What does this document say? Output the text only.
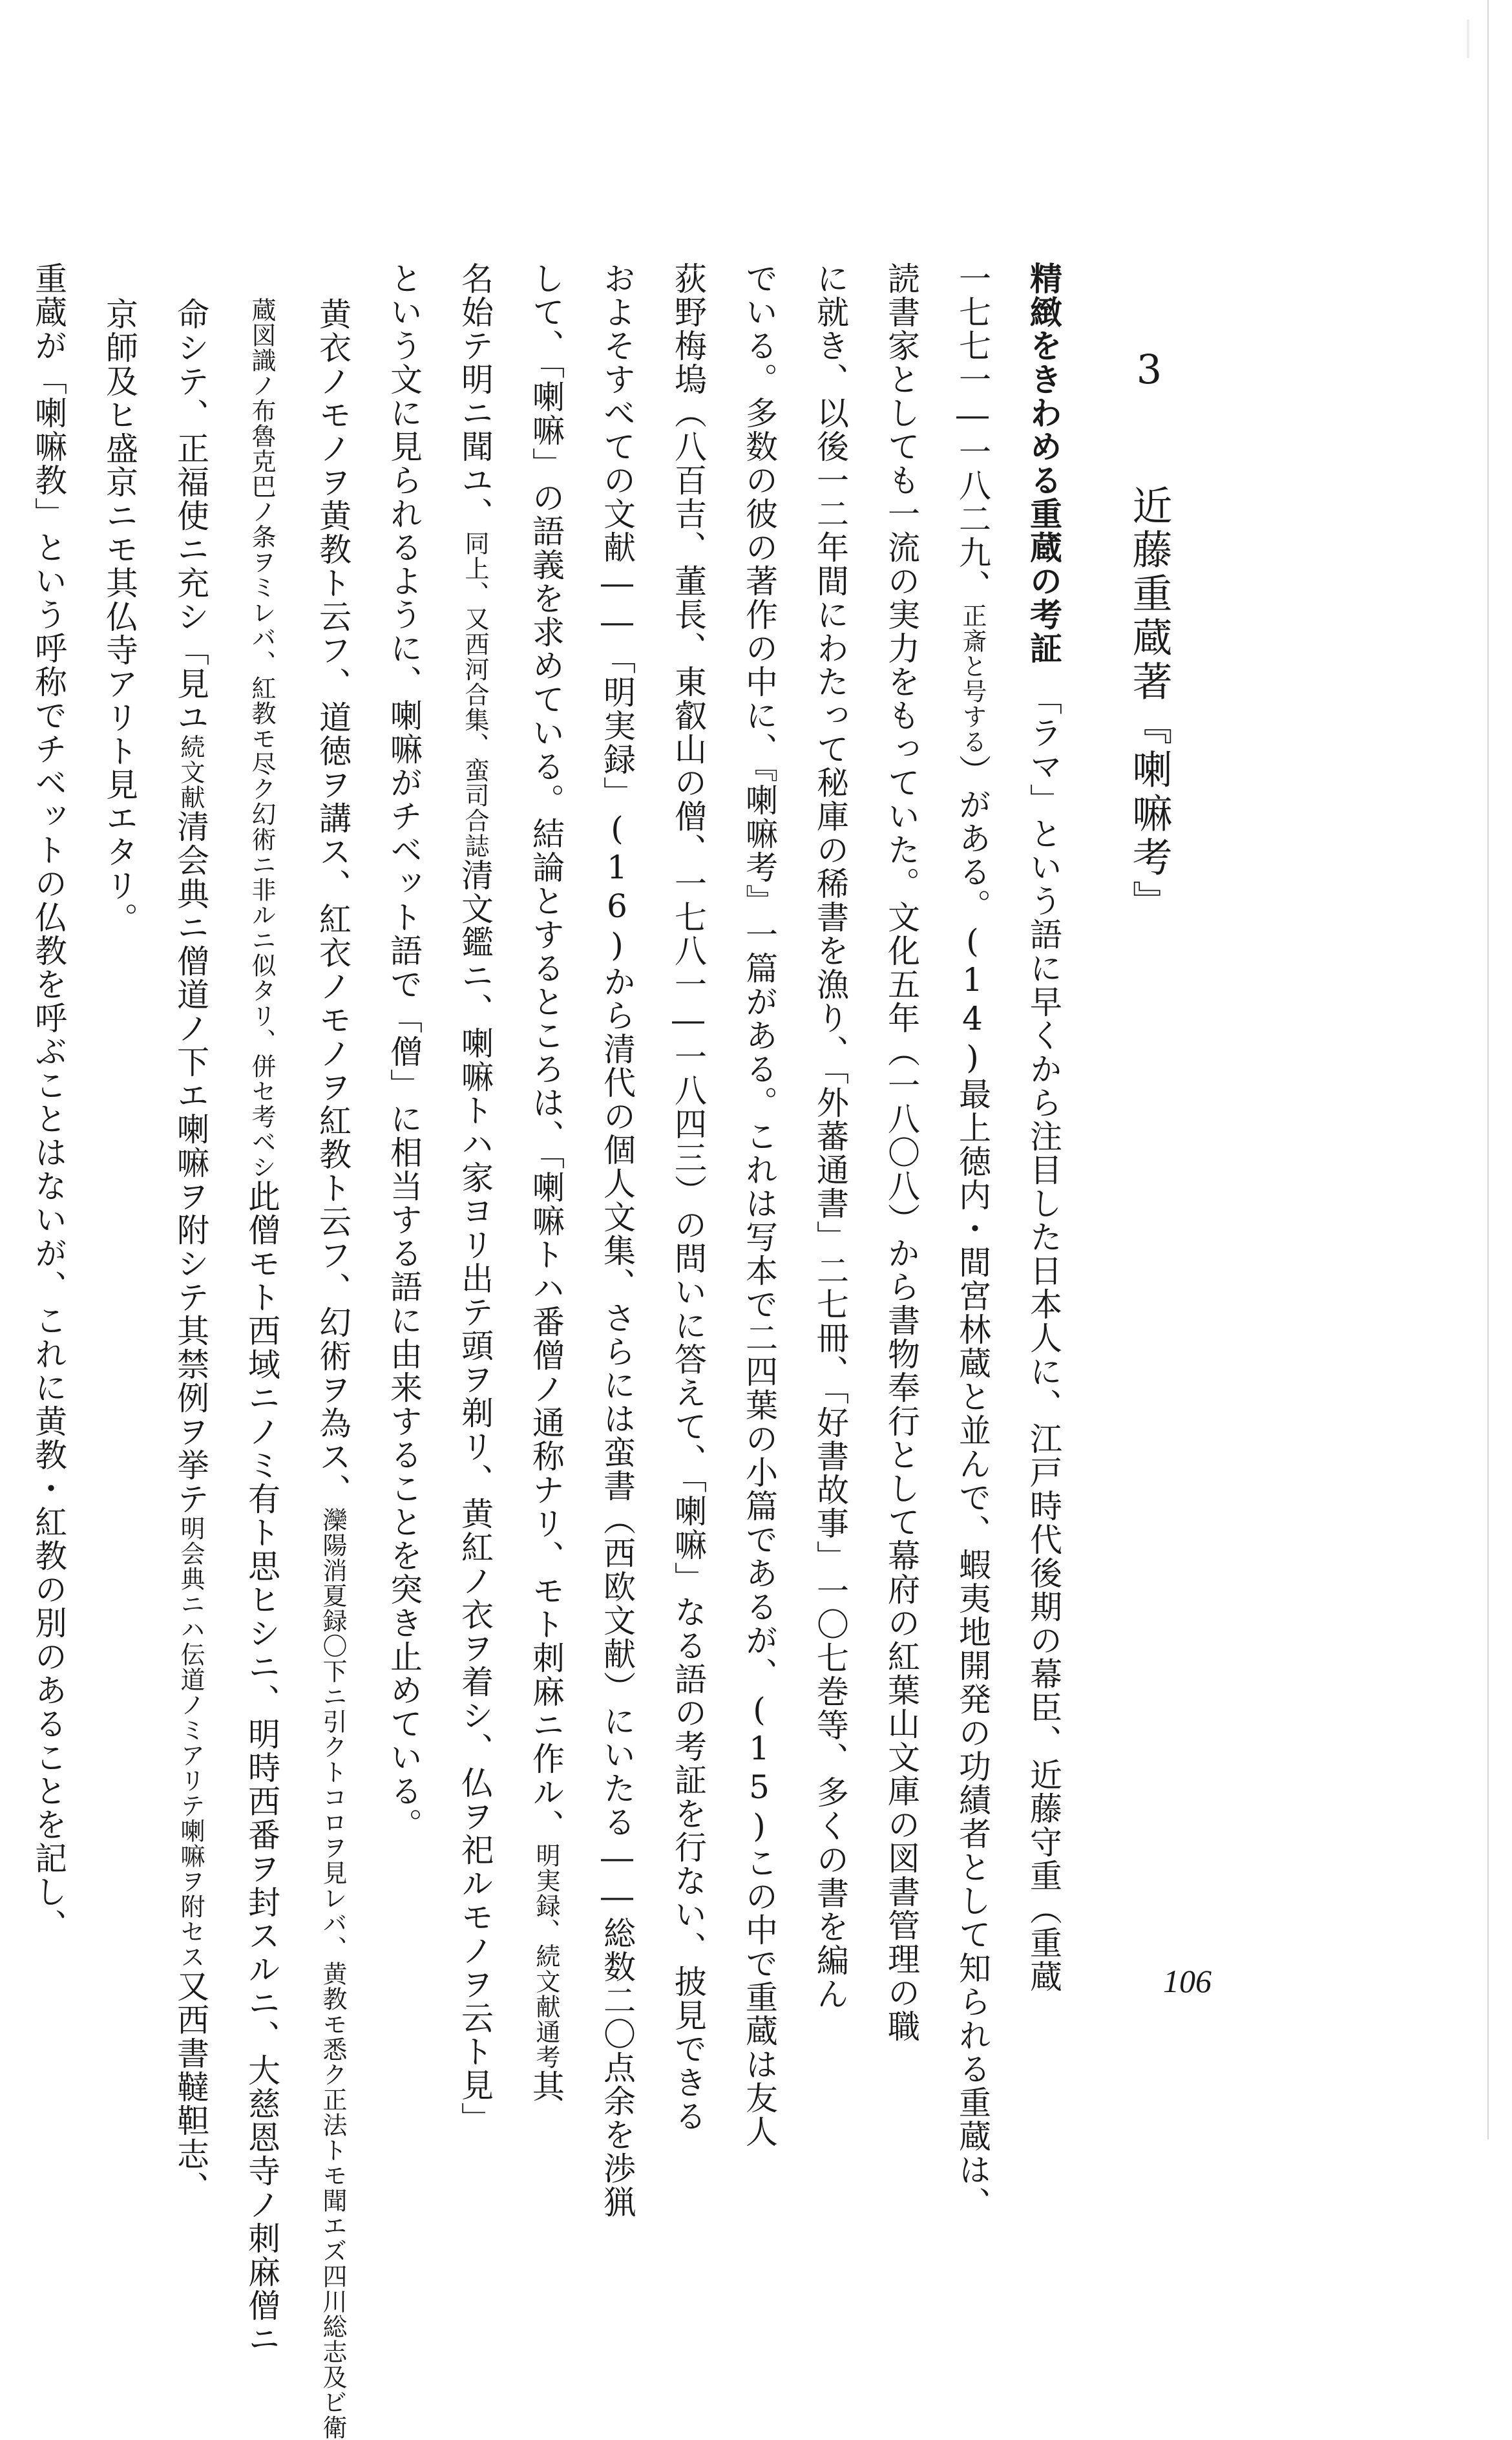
3　　近藤重蔵著『喇嘛考』
精緻をきわめる重蔵の考証　「ラマ」という語に早くから注目した日本人に、江戸時代後期の幕臣、近藤守重（重蔵
一七七一―一八二九、正斎と号する）がある。(14)最上徳内・間宮林蔵と並んで、蝦夷地開発の功績者として知られる重蔵は、
読書家としても一流の実力をもっていた。文化五年（一八〇八）から書物奉行として幕府の紅葉山文庫の図書管理の職
に就き、以後一二年間にわたって秘庫の稀書を漁り、「外蕃通書」二七冊、「好書故事」一〇七巻等、多くの書を編ん
でいる。多数の彼の著作の中に、『喇嘛考』一篇がある。これは写本で二四葉の小篇であるが、(15)この中で重蔵は友人
荻野梅塢（八百吉、董長、東叡山の僧、一七八一―一八四三）の問いに答えて、「喇嘛」なる語の考証を行ない、披見できる
およそすべての文献――「明実録」(16)から清代の個人文集、さらには蛮書（西欧文献）にいたる――総数二〇点余を渉猟
して、「喇嘛」の語義を求めている。結論とするところは、「喇嘛トハ番僧ノ通称ナリ、モト刺麻ニ作ル、明実録、続文献通考其
名始テ明ニ聞ユ、同上、又西河合集、蛮司合誌清文鑑ニ、喇嘛トハ家ヨリ出テ頭ヲ剃リ、黄紅ノ衣ヲ着シ、仏ヲ祀ルモノヲ云ト見」
という文に見られるように、喇嘛がチベット語で「僧」に相当する語に由来することを突き止めている。
黄衣ノモノヲ黄教ト云フ、道徳ヲ講ス、紅衣ノモノヲ紅教ト云フ、幻術ヲ為ス、灤陽消夏録〇下ニ引クトコロヲ見レバ、黄教モ悉ク正法トモ聞エズ四川総志及ビ衛
蔵図識ノ布魯克巴ノ条ヲミレバ、紅教モ尽ク幻術ニ非ルニ似タリ、併セ考ベシ此僧モト西域ニノミ有ト思ヒシニ、明時西番ヲ封スルニ、大慈恩寺ノ刺麻僧ニ
命シテ、正福使ニ充シ「見ユ続文献清会典ニ僧道ノ下エ喇嘛ヲ附シテ其禁例ヲ挙テ明会典ニハ伝道ノミアリテ喇嘛ヲ附セス又西書韃靼志、
京師及ヒ盛京ニモ其仏寺アリト見エタリ。
重蔵が「喇嘛教」という呼称でチベットの仏教を呼ぶことはないが、これに黄教・紅教の別のあることを記し、
106
